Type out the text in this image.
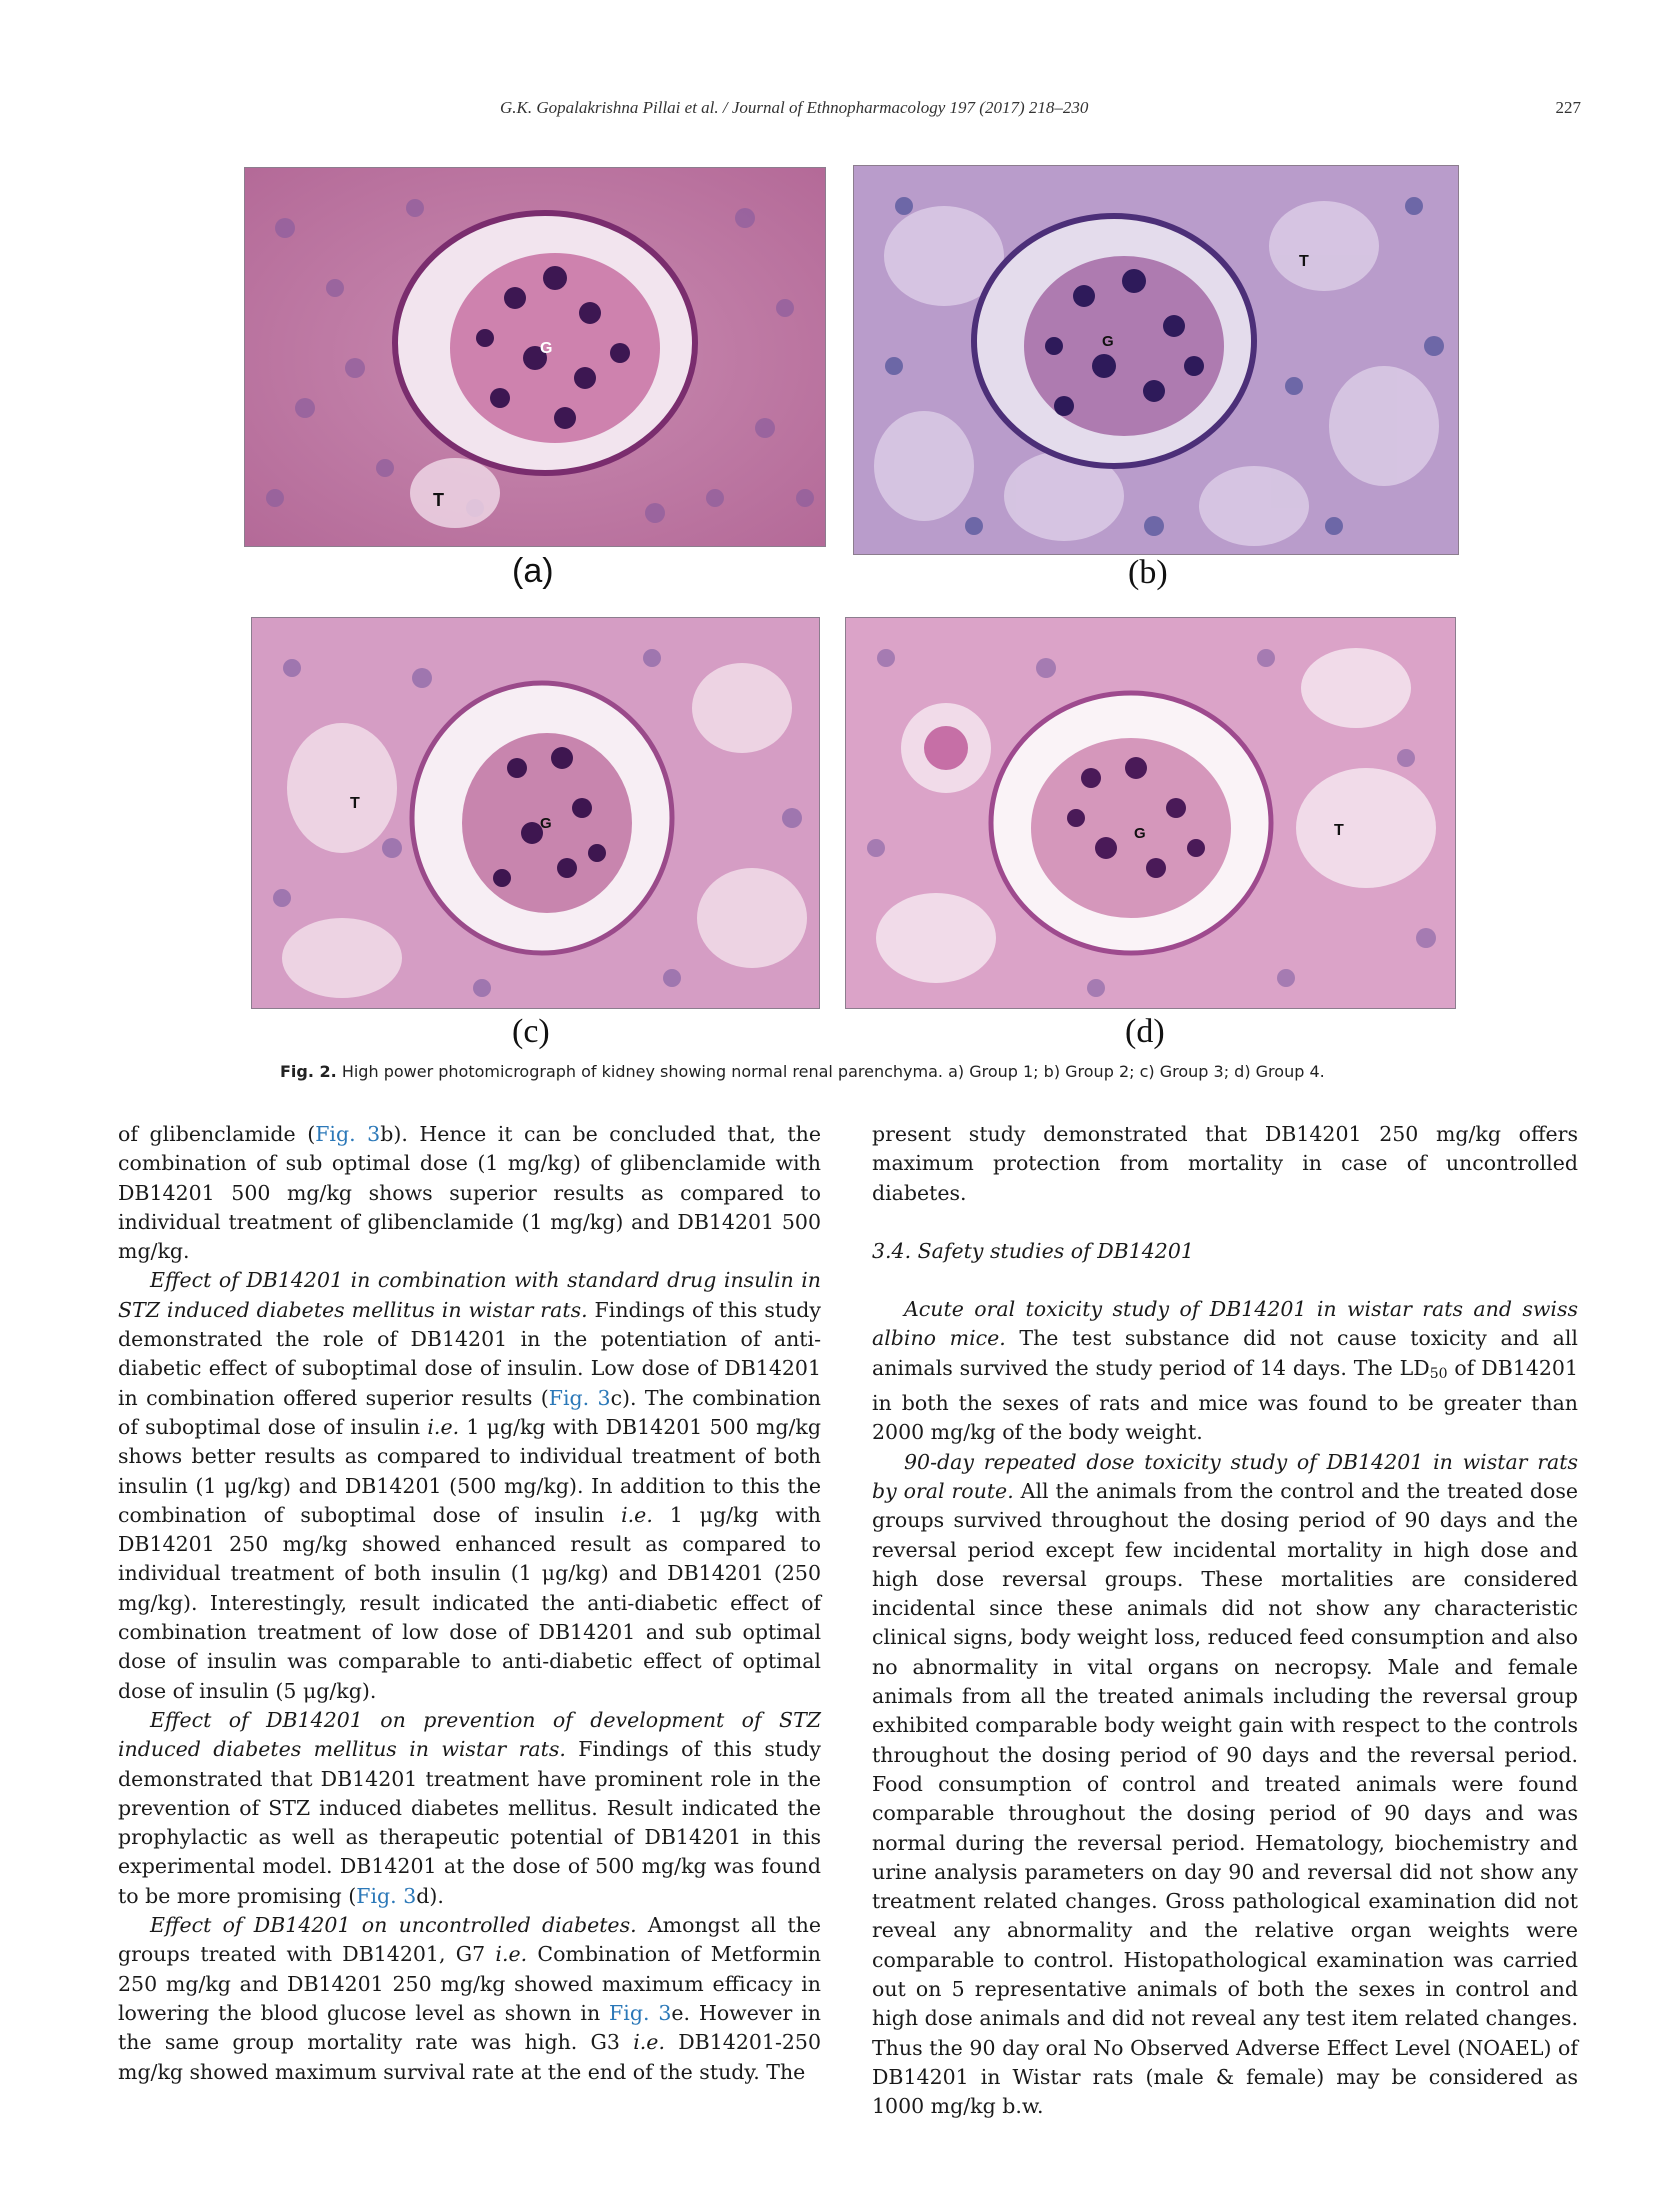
G.K. Gopalakrishna Pillai et al. / Journal of Ethnopharmacology 197 (2017) 218–230	227
T
G
(a)
T
G
(b)
T
G
(c)
G	T
(d)
Fig. 2. High power photomicrograph of kidney showing normal renal parenchyma. a) Group 1; b) Group 2; c) Group 3; d) Group 4.

of glibenclamide (Fig. 3b). Hence it can be concluded that, the combination of sub optimal dose (1 mg/kg) of glibenclamide with DB14201 500 mg/kg shows superior results as compared to individual treatment of glibenclamide (1 mg/kg) and DB14201 500 mg/kg.

Effect of DB14201 in combination with standard drug insulin in STZ induced diabetes mellitus in wistar rats. Findings of this study demonstrated the role of DB14201 in the potentiation of anti-diabetic effect of suboptimal dose of insulin. Low dose of DB14201 in combination offered superior results (Fig. 3c). The combination of suboptimal dose of insulin i.e. 1 μg/kg with DB14201 500 mg/kg shows better results as compared to individual treatment of both insulin (1 μg/kg) and DB14201 (500 mg/kg). In addition to this the combination of suboptimal dose of insulin i.e. 1 μg/kg with DB14201 250 mg/kg showed enhanced result as compared to individual treatment of both insulin (1 μg/kg) and DB14201 (250 mg/kg). Interestingly, result indicated the anti-diabetic effect of combination treatment of low dose of DB14201 and sub optimal dose of insulin was comparable to anti-diabetic effect of optimal dose of insulin (5 μg/kg).

Effect of DB14201 on prevention of development of STZ induced diabetes mellitus in wistar rats. Findings of this study demonstrated that DB14201 treatment have prominent role in the prevention of STZ induced diabetes mellitus. Result indicated the prophylactic as well as therapeutic potential of DB14201 in this experimental model. DB14201 at the dose of 500 mg/kg was found to be more promising (Fig. 3d).

Effect of DB14201 on uncontrolled diabetes. Amongst all the groups treated with DB14201, G7 i.e. Combination of Metformin 250 mg/kg and DB14201 250 mg/kg showed maximum efficacy in lowering the blood glucose level as shown in Fig. 3e. However in the same group mortality rate was high. G3 i.e. DB14201-250 mg/kg showed maximum survival rate at the end of the study. The

present study demonstrated that DB14201 250 mg/kg offers maximum protection from mortality in case of uncontrolled diabetes.

3.4. Safety studies of DB14201

Acute oral toxicity study of DB14201 in wistar rats and swiss albino mice. The test substance did not cause toxicity and all animals survived the study period of 14 days. The $LD_{50}$ of DB14201 in both the sexes of rats and mice was found to be greater than 2000 mg/kg of the body weight.

90-day repeated dose toxicity study of DB14201 in wistar rats by oral route. All the animals from the control and the treated dose groups survived throughout the dosing period of 90 days and the reversal period except few incidental mortality in high dose and high dose reversal groups. These mortalities are considered incidental since these animals did not show any characteristic clinical signs, body weight loss, reduced feed consumption and also no abnormality in vital organs on necropsy. Male and female animals from all the treated animals including the reversal group exhibited comparable body weight gain with respect to the controls throughout the dosing period of 90 days and the reversal period. Food consumption of control and treated animals were found comparable throughout the dosing period of 90 days and was normal during the reversal period. Hematology, biochemistry and urine analysis parameters on day 90 and reversal did not show any treatment related changes. Gross pathological examination did not reveal any abnormality and the relative organ weights were comparable to control. Histopathological examination was carried out on 5 representative animals of both the sexes in control and high dose animals and did not reveal any test item related changes. Thus the 90 day oral No Observed Adverse Effect Level (NOAEL) of DB14201 in Wistar rats (male & female) may be considered as 1000 mg/kg b.w.
